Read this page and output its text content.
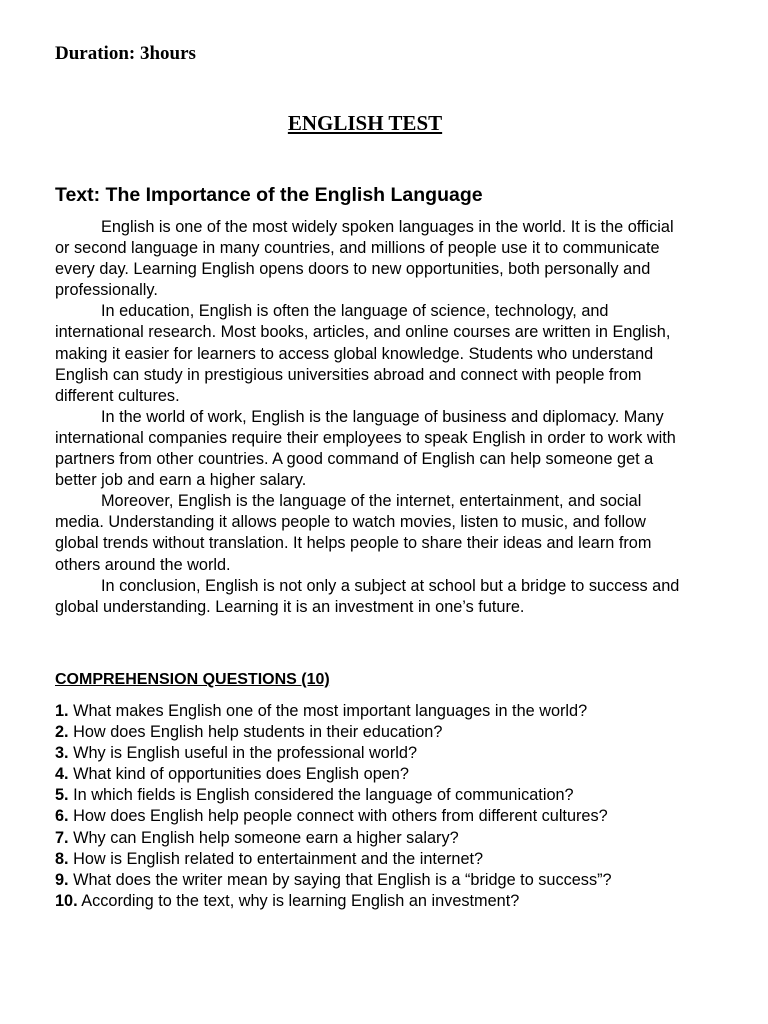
Duration: 3hours
ENGLISH TEST
Text: The Importance of the English Language

English is one of the most widely spoken languages in the world. It is the official or second language in many countries, and millions of people use it to communicate every day. Learning English opens doors to new opportunities, both personally and professionally.

In education, English is often the language of science, technology, and international research. Most books, articles, and online courses are written in English, making it easier for learners to access global knowledge. Students who understand English can study in prestigious universities abroad and connect with people from different cultures.

In the world of work, English is the language of business and diplomacy. Many international companies require their employees to speak English in order to work with partners from other countries. A good command of English can help someone get a better job and earn a higher salary.

Moreover, English is the language of the internet, entertainment, and social media. Understanding it allows people to watch movies, listen to music, and follow global trends without translation. It helps people to share their ideas and learn from others around the world.

In conclusion, English is not only a subject at school but a bridge to success and global understanding. Learning it is an investment in one’s future.

COMPREHENSION QUESTIONS (10)
1. What makes English one of the most important languages in the world?
2. How does English help students in their education?
3. Why is English useful in the professional world?
4. What kind of opportunities does English open?
5. In which fields is English considered the language of communication?
6. How does English help people connect with others from different cultures?
7. Why can English help someone earn a higher salary?
8. How is English related to entertainment and the internet?
9. What does the writer mean by saying that English is a “bridge to success”?
10. According to the text, why is learning English an investment?
